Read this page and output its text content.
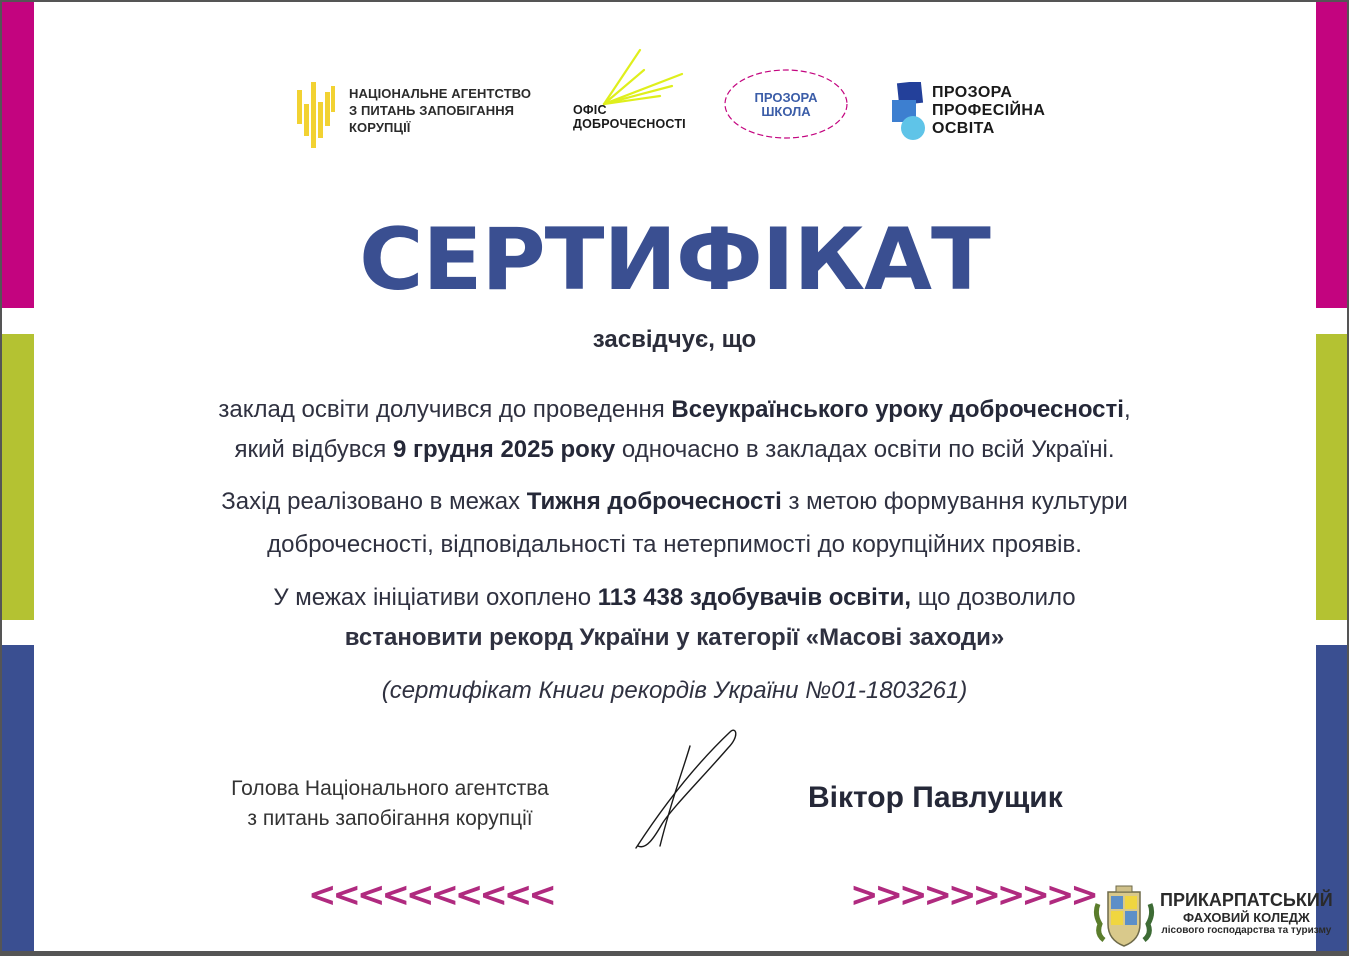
НАЦІОНАЛЬНЕ АГЕНТСТВО
З ПИТАНЬ ЗАПОБІГАННЯ
КОРУПЦІЇ
ОФІС
ДОБРОЧЕСНОСТІ
ПРОЗОРА
ШКОЛА
ПРОЗОРА
ПРОФЕСІЙНА
ОСВІТА
СЕРТИФІКАТ
засвідчує, що
заклад освіти долучився до проведення Всеукраїнського уроку доброчесності,
який відбувся 9 грудня 2025 року одночасно в закладах освіти по всій Україні.
Захід реалізовано в межах Тижня доброчесності з метою формування культури
доброчесності, відповідальності та нетерпимості до корупційних проявів.
У межах ініціативи охоплено 113 438 здобувачів освіти, що дозволило
встановити рекорд України у категорії «Масові заходи»
(сертифікат Книги рекордів України №01-1803261)
Голова Національного агентства
з питань запобігання корупції
Віктор Павлущик
<<<<<<<<<<	>>>>>>>>>>	ПРИКАРПАТСЬКИЙ
ФАХОВИЙ КОЛЕДЖ
лісового господарства та туризму
